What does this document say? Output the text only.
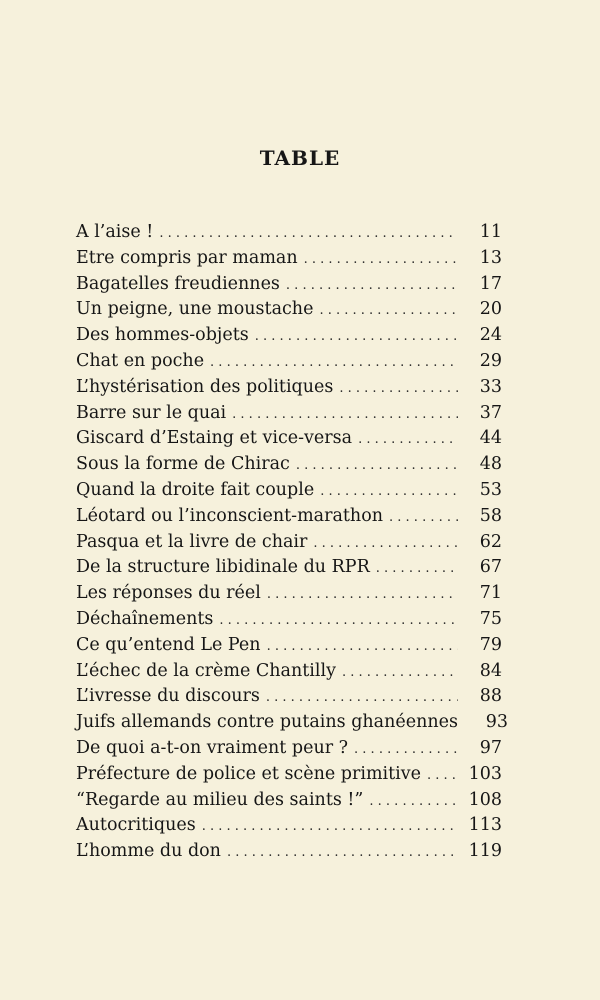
TABLE
A l’aise ! . . .	11
Etre compris par maman . . .	13
Bagatelles freudiennes . . .	17
Un peigne, une moustache . . .	20
Des hommes-objets . . .	24
Chat en poche . . .	29
L’hystérisation des politiques . . .	33
Barre sur le quai . . .	37
Giscard d’Estaing et vice-versa . . .	44
Sous la forme de Chirac . . .	48
Quand la droite fait couple . . .	53
Léotard ou l’inconscient-marathon . . .	58
Pasqua et la livre de chair . . .	62
De la structure libidinale du RPR . . .	67
Les réponses du réel . . .	71
Déchaînements . . .	75
Ce qu’entend Le Pen . . .	79
L’échec de la crème Chantilly . . .	84
L’ivresse du discours . . .	88
Juifs allemands contre putains ghanéennes	93
De quoi a-t-on vraiment peur ? . . .	97
Préfecture de police et scène primitive . . .	103
“Regarde au milieu des saints !” . . .	108
Autocritiques . . .	113
L’homme du don . . .	119
